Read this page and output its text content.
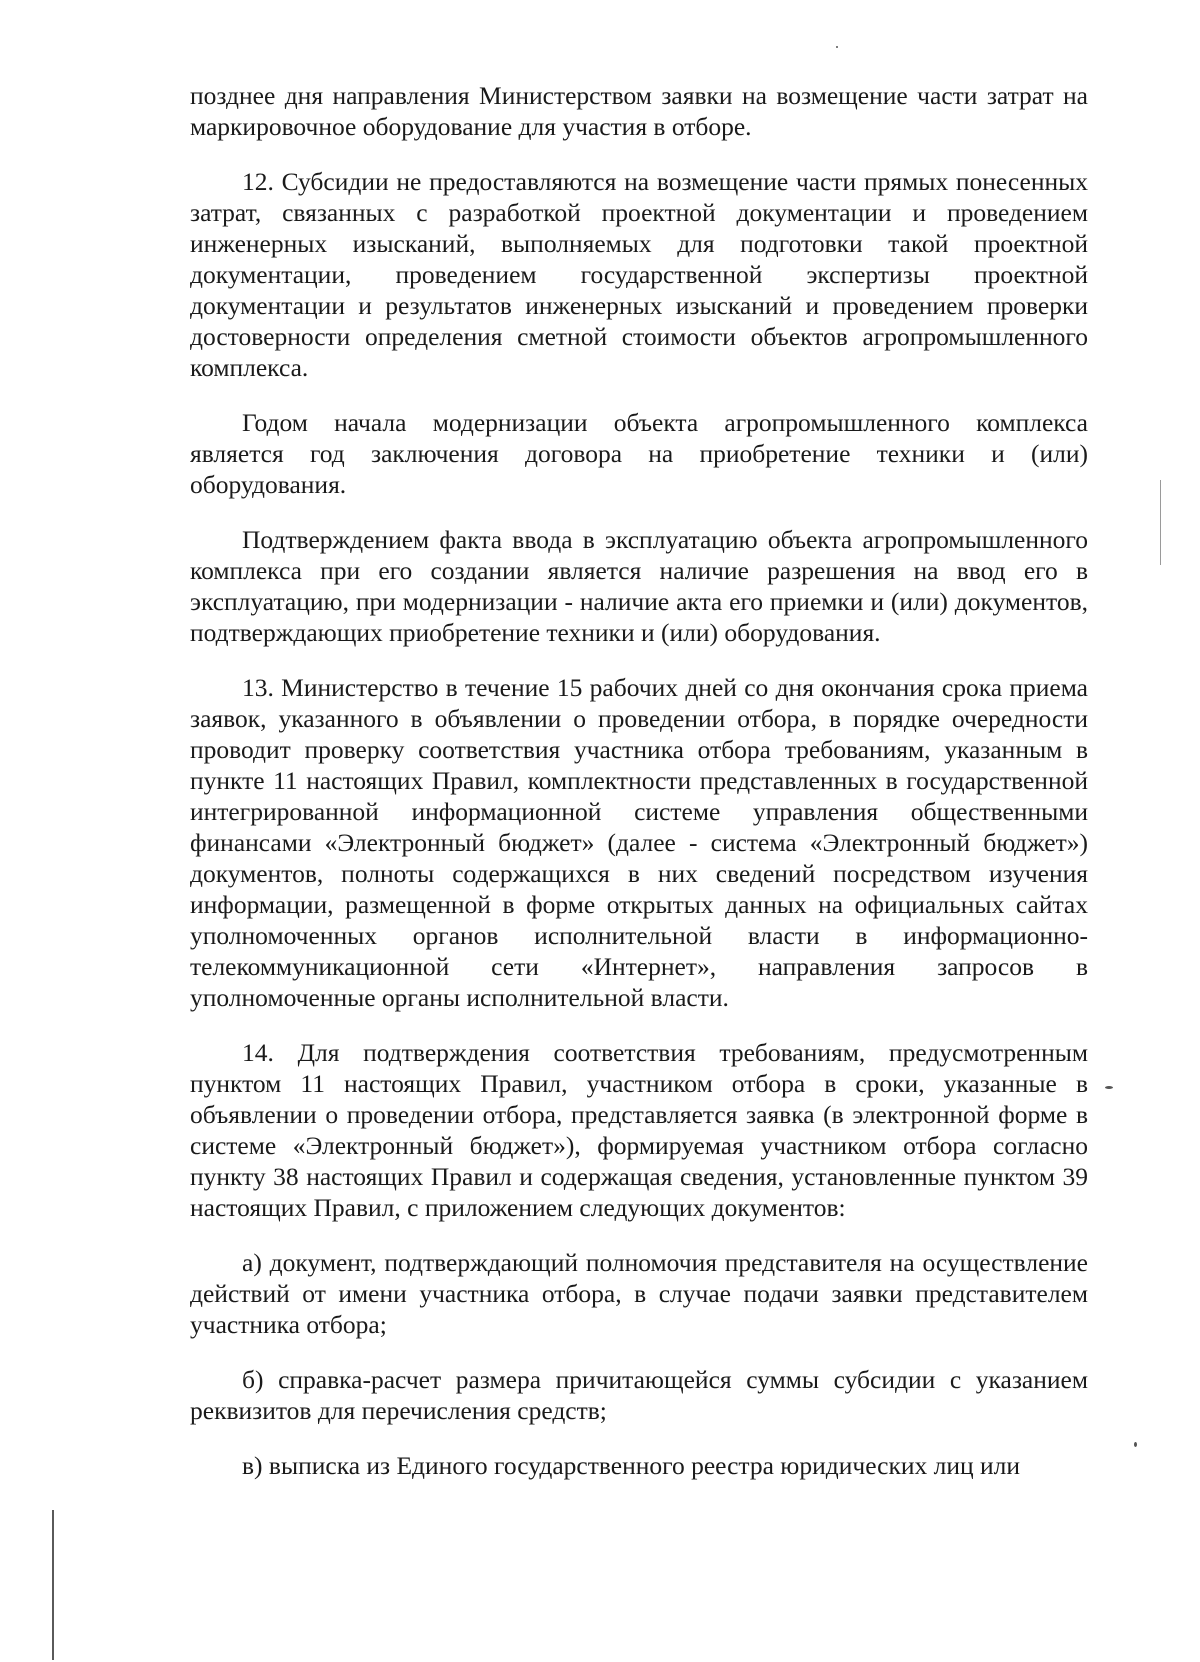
позднее дня направления Министерством заявки на возмещение части затрат на маркировочное оборудование для участия в отборе.

12. Субсидии не предоставляются на возмещение части прямых понесенных затрат, связанных с разработкой проектной документации и проведением инженерных изысканий, выполняемых для подготовки такой проектной документации, проведением государственной экспертизы проектной документации и результатов инженерных изысканий и проведением проверки достоверности определения сметной стоимости объектов агропромышленного комплекса.

Годом начала модернизации объекта агропромышленного комплекса является год заключения договора на приобретение техники и (или) оборудования.

Подтверждением факта ввода в эксплуатацию объекта агропромышленного комплекса при его создании является наличие разрешения на ввод его в эксплуатацию, при модернизации - наличие акта его приемки и (или) документов, подтверждающих приобретение техники и (или) оборудования.

13. Министерство в течение 15 рабочих дней со дня окончания срока приема заявок, указанного в объявлении о проведении отбора, в порядке очередности проводит проверку соответствия участника отбора требованиям, указанным в пункте 11 настоящих Правил, комплектности представленных в государственной интегрированной информационной системе управления общественными финансами «Электронный бюджет» (далее - система «Электронный бюджет») документов, полноты содержащихся в них сведений посредством изучения информации, размещенной в форме открытых данных на официальных сайтах уполномоченных органов исполнительной власти в информационно-телекоммуникационной сети «Интернет», направления запросов в уполномоченные органы исполнительной власти.

14. Для подтверждения соответствия требованиям, предусмотренным пунктом 11 настоящих Правил, участником отбора в сроки, указанные в объявлении о проведении отбора, представляется заявка (в электронной форме в системе «Электронный бюджет»), формируемая участником отбора согласно пункту 38 настоящих Правил и содержащая сведения, установленные пунктом 39 настоящих Правил, с приложением следующих документов:

а) документ, подтверждающий полномочия представителя на осуществление действий от имени участника отбора, в случае подачи заявки представителем участника отбора;

б) справка-расчет размера причитающейся суммы субсидии с указанием реквизитов для перечисления средств;

в) выписка из Единого государственного реестра юридических лиц или
